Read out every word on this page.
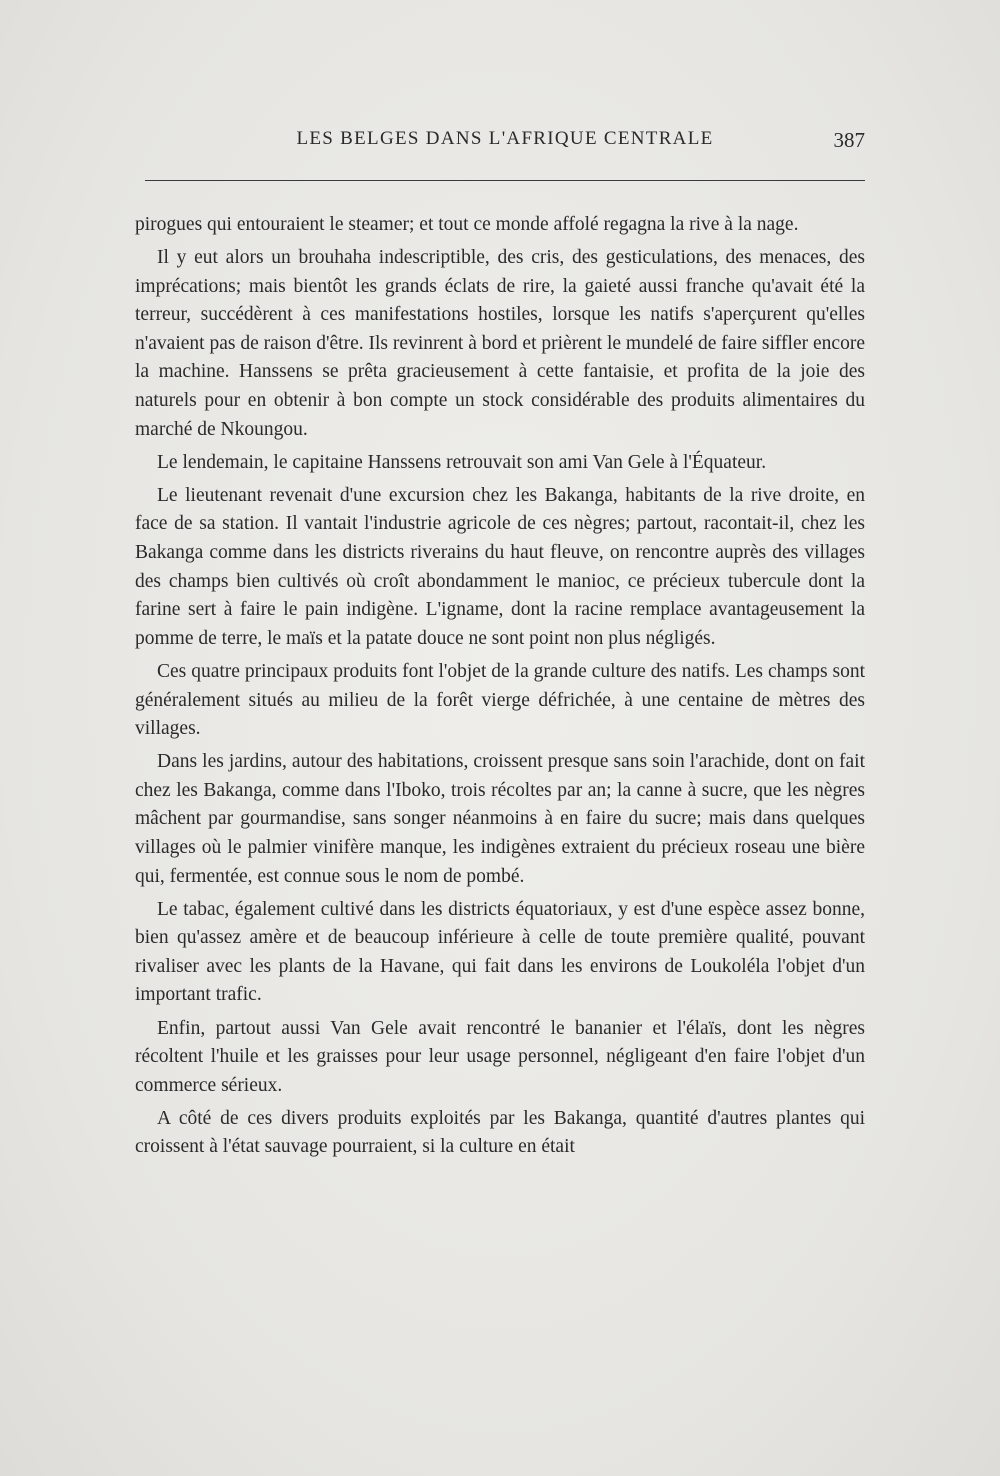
LES BELGES DANS L'AFRIQUE CENTRALE	387

pirogues qui entouraient le steamer; et tout ce monde affolé regagna la rive à la nage.

Il y eut alors un brouhaha indescriptible, des cris, des gesticulations, des menaces, des imprécations; mais bientôt les grands éclats de rire, la gaieté aussi franche qu'avait été la terreur, succédèrent à ces manifestations hostiles, lorsque les natifs s'aperçurent qu'elles n'avaient pas de raison d'être. Ils revinrent à bord et prièrent le mundelé de faire siffler encore la machine. Hanssens se prêta gracieusement à cette fantaisie, et profita de la joie des naturels pour en obtenir à bon compte un stock considérable des produits alimentaires du marché de Nkoungou.

Le lendemain, le capitaine Hanssens retrouvait son ami Van Gele à l'Équateur.

Le lieutenant revenait d'une excursion chez les Bakanga, habitants de la rive droite, en face de sa station. Il vantait l'industrie agricole de ces nègres; partout, racontait-il, chez les Bakanga comme dans les districts riverains du haut fleuve, on rencontre auprès des villages des champs bien cultivés où croît abondamment le manioc, ce précieux tubercule dont la farine sert à faire le pain indigène. L'igname, dont la racine remplace avantageusement la pomme de terre, le maïs et la patate douce ne sont point non plus négligés.

Ces quatre principaux produits font l'objet de la grande culture des natifs. Les champs sont généralement situés au milieu de la forêt vierge défrichée, à une centaine de mètres des villages.

Dans les jardins, autour des habitations, croissent presque sans soin l'arachide, dont on fait chez les Bakanga, comme dans l'Iboko, trois récoltes par an; la canne à sucre, que les nègres mâchent par gourmandise, sans songer néanmoins à en faire du sucre; mais dans quelques villages où le palmier vinifère manque, les indigènes extraient du précieux roseau une bière qui, fermentée, est connue sous le nom de pombé.

Le tabac, également cultivé dans les districts équatoriaux, y est d'une espèce assez bonne, bien qu'assez amère et de beaucoup inférieure à celle de toute première qualité, pouvant rivaliser avec les plants de la Havane, qui fait dans les environs de Loukoléla l'objet d'un important trafic.

Enfin, partout aussi Van Gele avait rencontré le bananier et l'élaïs, dont les nègres récoltent l'huile et les graisses pour leur usage personnel, négligeant d'en faire l'objet d'un commerce sérieux.

A côté de ces divers produits exploités par les Bakanga, quantité d'autres plantes qui croissent à l'état sauvage pourraient, si la culture en était
